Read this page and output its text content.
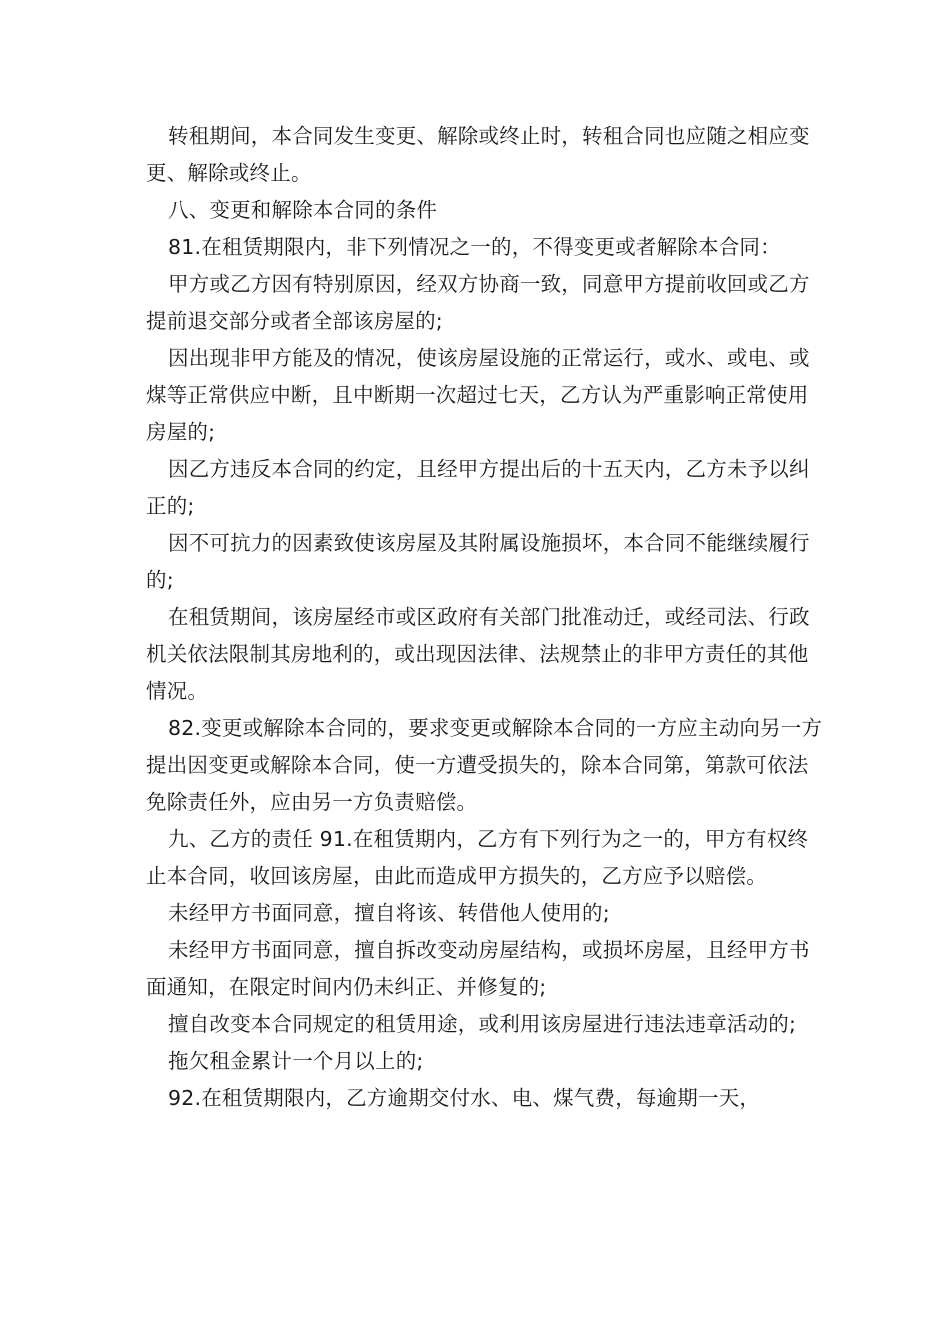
转租期间，本合同发生变更、解除或终止时，转租合同也应随之相应变更、解除或终止。

八、变更和解除本合同的条件

81.在租赁期限内，非下列情况之一的，不得变更或者解除本合同：

甲方或乙方因有特别原因，经双方协商一致，同意甲方提前收回或乙方提前退交部分或者全部该房屋的;

因出现非甲方能及的情况，使该房屋设施的正常运行，或水、或电、或煤等正常供应中断，且中断期一次超过七天，乙方认为严重影响正常使用房屋的;

因乙方违反本合同的约定，且经甲方提出后的十五天内，乙方未予以纠正的;

因不可抗力的因素致使该房屋及其附属设施损坏，本合同不能继续履行的;

在租赁期间，该房屋经市或区政府有关部门批准动迁，或经司法、行政机关依法限制其房地利的，或出现因法律、法规禁止的非甲方责任的其他情况。

82.变更或解除本合同的，要求变更或解除本合同的一方应主动向另一方提出因变更或解除本合同，使一方遭受损失的，除本合同第，第款可依法免除责任外，应由另一方负责赔偿。

九、乙方的责任 91.在租赁期内，乙方有下列行为之一的，甲方有权终止本合同，收回该房屋，由此而造成甲方损失的，乙方应予以赔偿。

未经甲方书面同意，擅自将该、转借他人使用的;

未经甲方书面同意，擅自拆改变动房屋结构，或损坏房屋，且经甲方书面通知，在限定时间内仍未纠正、并修复的;

擅自改变本合同规定的租赁用途，或利用该房屋进行违法违章活动的;

拖欠租金累计一个月以上的;

92.在租赁期限内，乙方逾期交付水、电、煤气费，每逾期一天，
